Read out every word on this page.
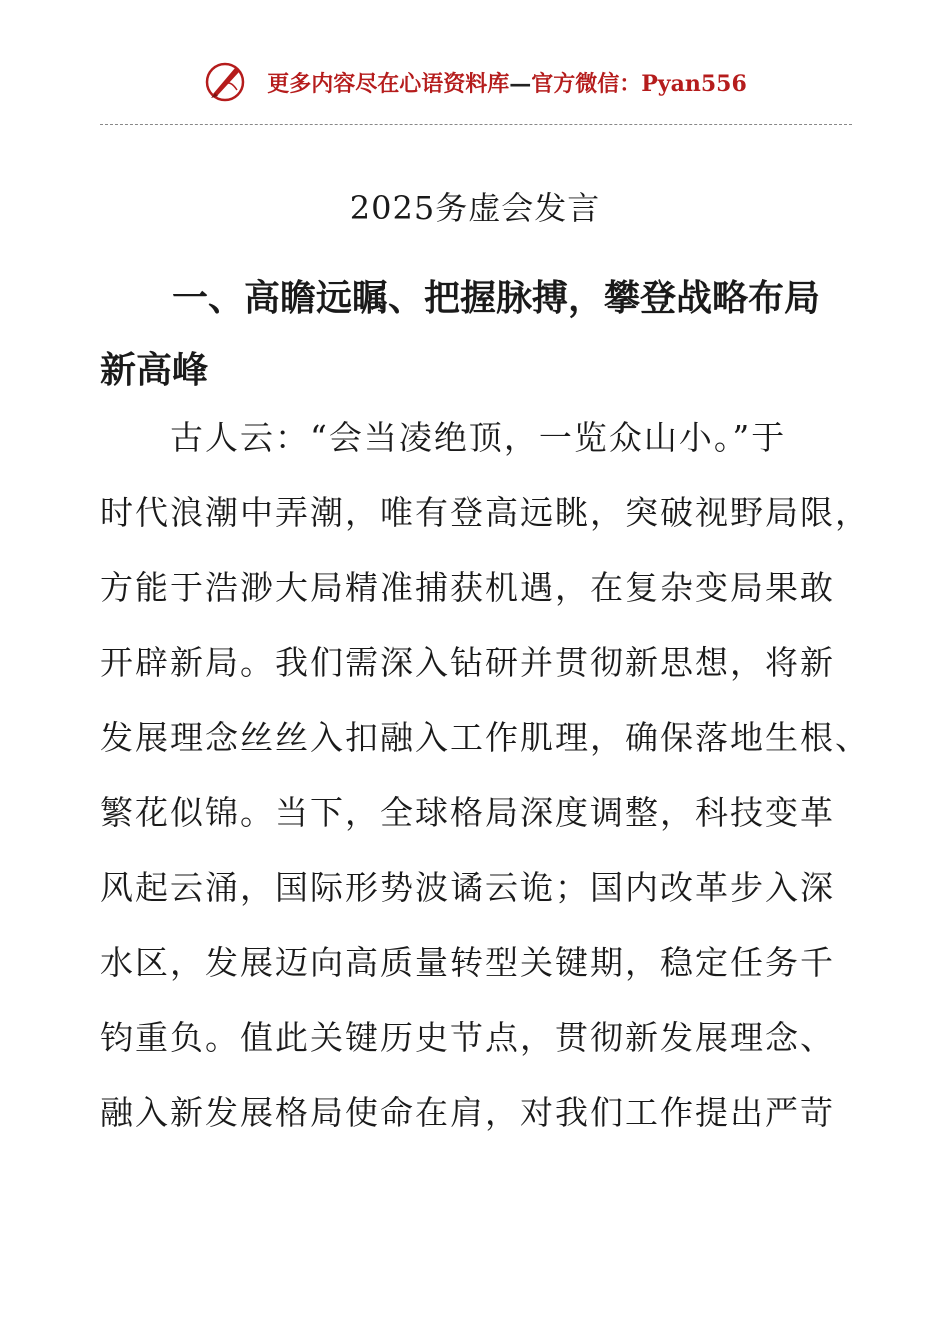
更多内容尽在心语资料库—官方微信：Pyan556
2025务虚会发言
一、高瞻远瞩、把握脉搏，攀登战略布局新高峰
古人云：“会当凌绝顶，一览众山小。”于
时代浪潮中弄潮，唯有登高远眺，突破视野局限，
方能于浩渺大局精准捕获机遇，在复杂变局果敢
开辟新局。我们需深入钻研并贯彻新思想，将新
发展理念丝丝入扣融入工作肌理，确保落地生根、
繁花似锦。当下，全球格局深度调整，科技变革
风起云涌，国际形势波谲云诡；国内改革步入深
水区，发展迈向高质量转型关键期，稳定任务千
钧重负。值此关键历史节点，贯彻新发展理念、
融入新发展格局使命在肩，对我们工作提出严苛
